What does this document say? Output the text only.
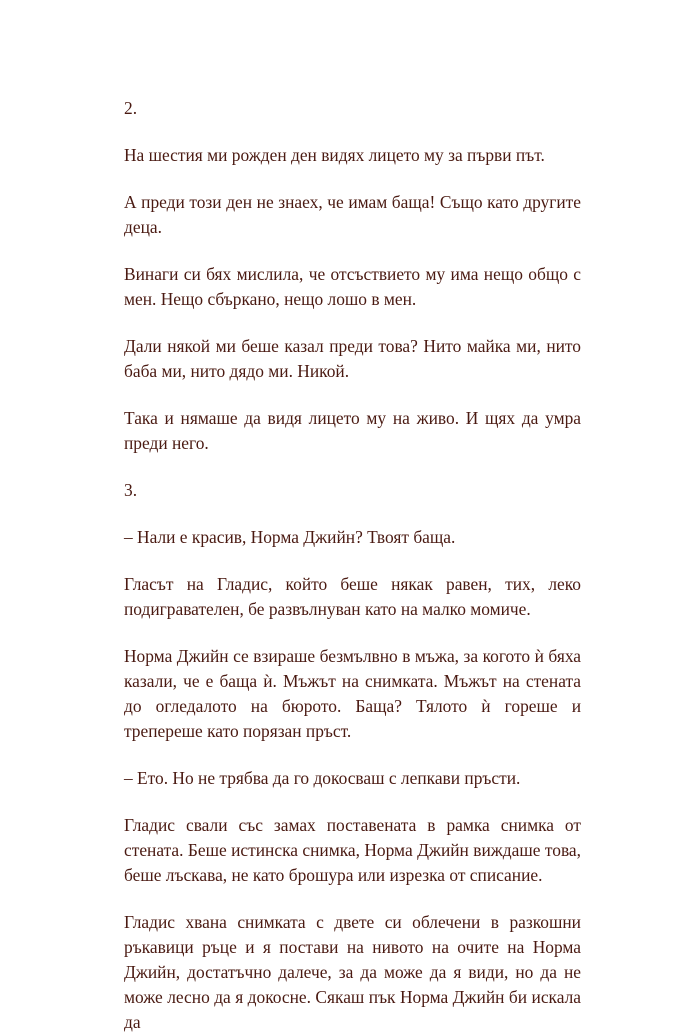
2.

На шестия ми рожден ден видях лицето му за първи път.

А преди този ден не знаех, че имам баща! Също като другите деца.

Винаги си бях мислила, че отсъствието му има нещо общо с мен. Нещо сбъркано, нещо лошо в мен.

Дали някой ми беше казал преди това? Нито майка ми, нито баба ми, нито дядо ми. Никой.

Така и нямаше да видя лицето му на живо. И щях да умра преди него.

3.

– Нали е красив, Норма Джийн? Твоят баща.

Гласът на Гладис, който беше някак равен, тих, леко подигравателен, бе развълнуван като на малко момиче.

Норма Джийн се взираше безмълвно в мъжа, за когото ѝ бяха казали, че е баща ѝ. Мъжът на снимката. Мъжът на стената до огледалото на бюрото. Баща? Тялото ѝ гореше и трепереше като порязан пръст.

– Ето. Но не трябва да го докосваш с лепкави пръсти.

Гладис свали със замах поставената в рамка снимка от стената. Беше истинска снимка, Норма Джийн виждаше това, беше лъскава, не като брошура или изрезка от списание.

Гладис хвана снимката с двете си облечени в разкошни ръкавици ръце и я постави на нивото на очите на Норма Джийн, достатъчно далече, за да може да я види, но да не може лесно да я докосне. Сякаш пък Норма Джийн би искала да
